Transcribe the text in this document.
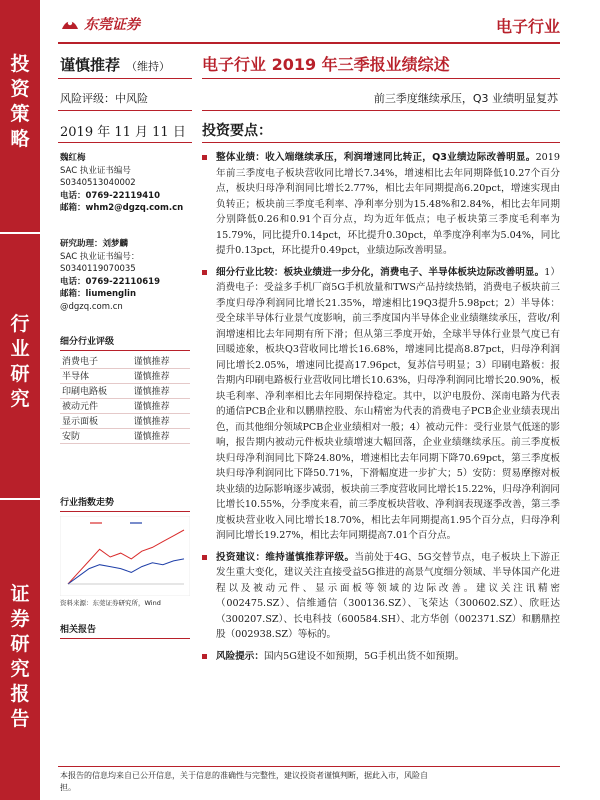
投
资
策
略
行
业
研
究
证
券
研
究
报
告
东莞证券	电子行业
谨慎推荐 （维持） 电子行业 2019 年三季报业绩综述
风险评级：中风险	前三季度继续承压，Q3 业绩明显复苏
2019 年 11 月 11 日 投资要点：
魏红梅
SAC 执业证书编号
S0340513040002
电话：0769-22119410
邮箱：whm2@dgzq.com.cn
研究助理：刘梦麟
SAC 执业证书编号：
S0340119070035
电话：0769-22110619
邮箱：liumenglin
@dgzq.com.cn
细分行业评级
消费电子	谨慎推荐
半导体	谨慎推荐
印刷电路板	谨慎推荐
被动元件	谨慎推荐
显示面板	谨慎推荐
安防	谨慎推荐
行业指数走势
资料来源：东莞证券研究所，Wind
相关报告

整体业绩：收入端继续承压，利润增速同比转正，Q3业绩边际改善明显。2019 年前三季度电子板块营收同比增长7.34%，增速相比去年同期降低10.27个百分点，板块归母净利润同比增长2.77%，相比去年同期提高6.20pct，增速实现由负转正；板块前三季度毛利率、净利率分别为15.48%和2.84%，相比去年同期分别降低0.26和0.91个百分点，均为近年低点；电子板块第三季度毛利率为15.79%，同比提升0.14pct，环比提升0.30pct，单季度净利率为5.04%，同比提升0.13pct，环比提升0.49pct，业绩边际改善明显。

细分行业比较：板块业绩进一步分化，消费电子、半导体板块边际改善明显。1）消费电子：受益多手机厂商5G手机放量和TWS产品持续热销，消费电子板块前三季度归母净利润同比增长21.35%，增速相比19Q3提升5.98pct；2）半导体：受全球半导体行业景气度影响，前三季度国内半导体企业业绩继续承压，营收/利润增速相比去年同期有所下滑；但从第三季度开始，全球半导体行业景气度已有回暖迹象，板块Q3营收同比增长16.68%，增速同比提高8.87pct，归母净利润同比增长2.05%，增速同比提高17.96pct，复苏信号明显；3）印刷电路板：报告期内印刷电路板行业营收同比增长10.63%，归母净利润同比增长20.90%，板块毛利率、净利率相比去年同期保持稳定。其中，以沪电股份、深南电路为代表的通信PCB企业和以鹏鼎控股、东山精密为代表的消费电子PCB企业业绩表现出色，而其他细分领域PCB企业业绩相对一般；4）被动元件：受行业景气低迷的影响，报告期内被动元件板块业绩增速大幅回落，企业业绩继续承压。前三季度板块归母净利润同比下降24.80%，增速相比去年同期下降70.69pct，第三季度板块归母净利润同比下降50.71%，下滑幅度进一步扩大；5）安防：贸易摩擦对板块业绩的边际影响逐步减弱，板块前三季度营收同比增长15.22%，归母净利润同比增长10.55%，分季度来看，前三季度板块营收、净利润表现逐季改善，第三季度板块营业收入同比增长18.70%，相比去年同期提高1.95个百分点，归母净利润同比增长19.27%，相比去年同期提高7.01个百分点。

投资建议：维持谨慎推荐评级。当前处于4G、5G交替节点，电子板块上下游正发生重大变化，建议关注直接受益5G推进的高景气度细分领域、半导体国产化进程以及被动元件、显示面板等领域的边际改善。建议关注讯精密（002475.SZ）、信维通信（300136.SZ）、飞荣达（300602.SZ）、欣旺达（300207.SZ）、长电科技（600584.SH）、北方华创（002371.SZ）和鹏鼎控股（002938.SZ）等标的。

风险提示：国内5G建设不如预期，5G手机出货不如预期。

本报告的信息均来自已公开信息，关于信息的准确性与完整性，建议投资者谨慎判断，据此入市，风险自担。
